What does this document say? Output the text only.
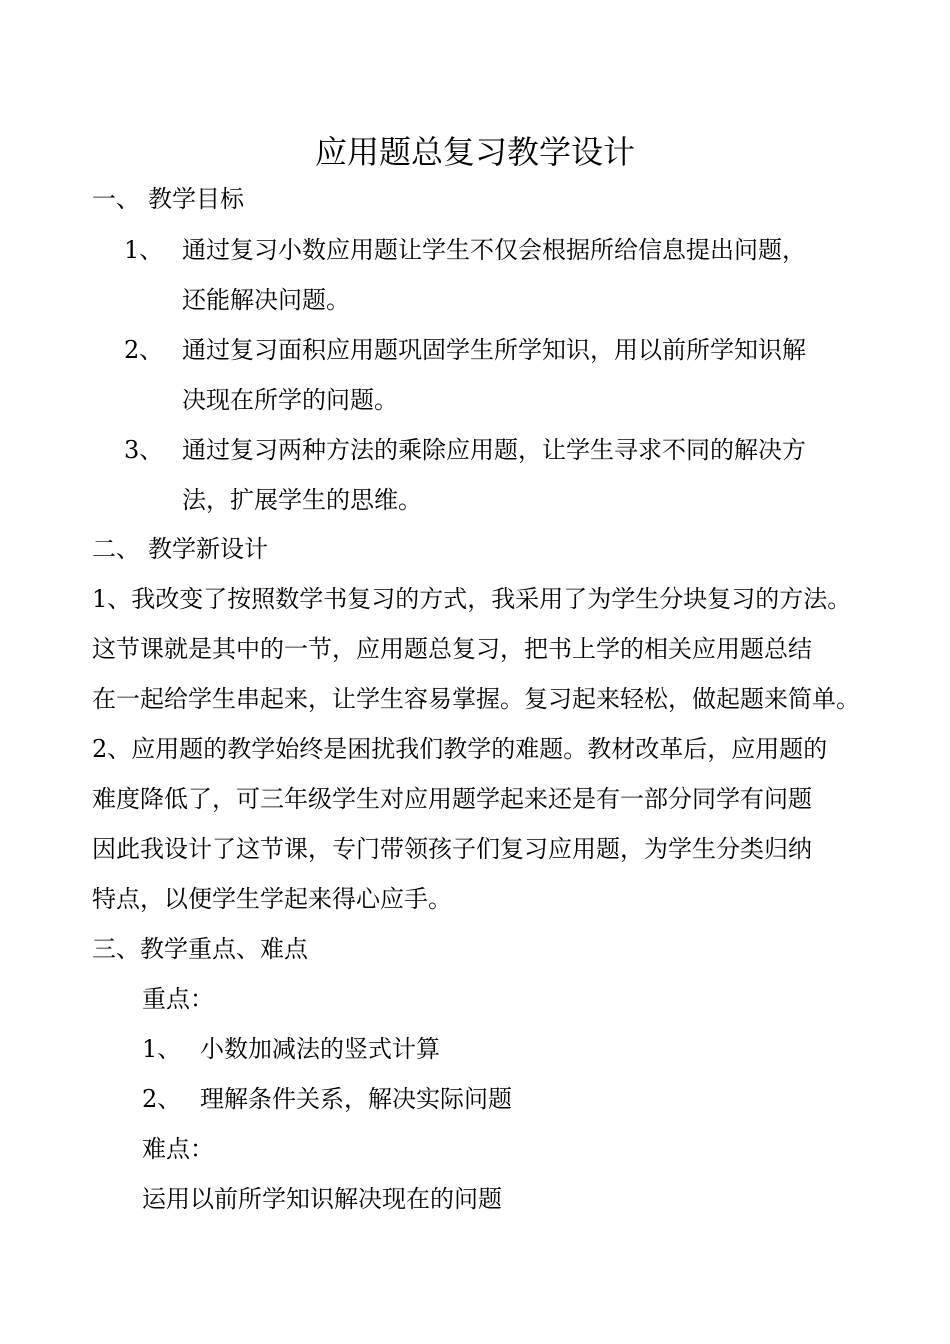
应用题总复习教学设计
一、 教学目标
1、 通过复习小数应用题让学生不仅会根据所给信息提出问题，
还能解决问题。
2、 通过复习面积应用题巩固学生所学知识，用以前所学知识解
决现在所学的问题。
3、 通过复习两种方法的乘除应用题，让学生寻求不同的解决方
法，扩展学生的思维。
二、 教学新设计
1、我改变了按照数学书复习的方式，我采用了为学生分块复习的方法。
这节课就是其中的一节，应用题总复习，把书上学的相关应用题总结
在一起给学生串起来，让学生容易掌握。复习起来轻松，做起题来简单。
2、应用题的教学始终是困扰我们教学的难题。教材改革后，应用题的
难度降低了，可三年级学生对应用题学起来还是有一部分同学有问题
因此我设计了这节课，专门带领孩子们复习应用题，为学生分类归纳
特点，以便学生学起来得心应手。
三、教学重点、难点
重点：
1、 小数加减法的竖式计算
2、 理解条件关系，解决实际问题
难点：
运用以前所学知识解决现在的问题
